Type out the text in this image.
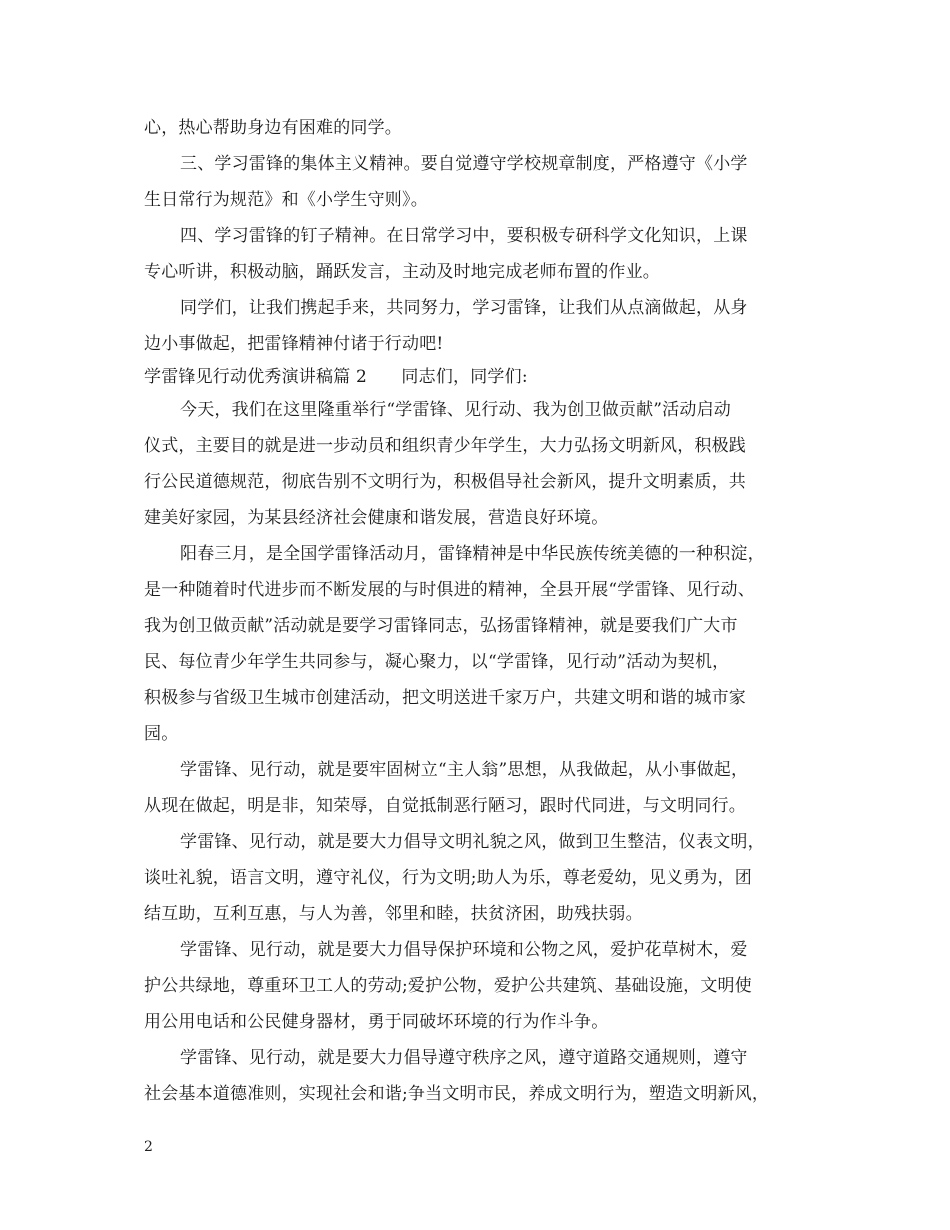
心，热心帮助身边有困难的同学。
三、学习雷锋的集体主义精神。要自觉遵守学校规章制度，严格遵守《小学
生日常行为规范》和《小学生守则》。
四、学习雷锋的钉子精神。在日常学习中，要积极专研科学文化知识，上课
专心听讲，积极动脑，踊跃发言，主动及时地完成老师布置的作业。
同学们，让我们携起手来，共同努力，学习雷锋，让我们从点滴做起，从身
边小事做起，把雷锋精神付诸于行动吧!
学雷锋见行动优秀演讲稿篇 2　　同志们，同学们:
今天，我们在这里隆重举行“学雷锋、见行动、我为创卫做贡献”活动启动
仪式，主要目的就是进一步动员和组织青少年学生，大力弘扬文明新风，积极践
行公民道德规范，彻底告别不文明行为，积极倡导社会新风，提升文明素质，共
建美好家园，为某县经济社会健康和谐发展，营造良好环境。
阳春三月，是全国学雷锋活动月，雷锋精神是中华民族传统美德的一种积淀，
是一种随着时代进步而不断发展的与时俱进的精神，全县开展“学雷锋、见行动、
我为创卫做贡献”活动就是要学习雷锋同志，弘扬雷锋精神，就是要我们广大市
民、每位青少年学生共同参与，凝心聚力，以“学雷锋，见行动”活动为契机，
积极参与省级卫生城市创建活动，把文明送进千家万户，共建文明和谐的城市家
园。
学雷锋、见行动，就是要牢固树立“主人翁”思想，从我做起，从小事做起，
从现在做起，明是非，知荣辱，自觉抵制恶行陋习，跟时代同进，与文明同行。
学雷锋、见行动，就是要大力倡导文明礼貌之风，做到卫生整洁，仪表文明，
谈吐礼貌，语言文明，遵守礼仪，行为文明;助人为乐，尊老爱幼，见义勇为，团
结互助，互利互惠，与人为善，邻里和睦，扶贫济困，助残扶弱。
学雷锋、见行动，就是要大力倡导保护环境和公物之风，爱护花草树木，爱
护公共绿地，尊重环卫工人的劳动;爱护公物，爱护公共建筑、基础设施，文明使
用公用电话和公民健身器材，勇于同破坏环境的行为作斗争。
学雷锋、见行动，就是要大力倡导遵守秩序之风，遵守道路交通规则，遵守
社会基本道德准则，实现社会和谐;争当文明市民，养成文明行为，塑造文明新风，
2
